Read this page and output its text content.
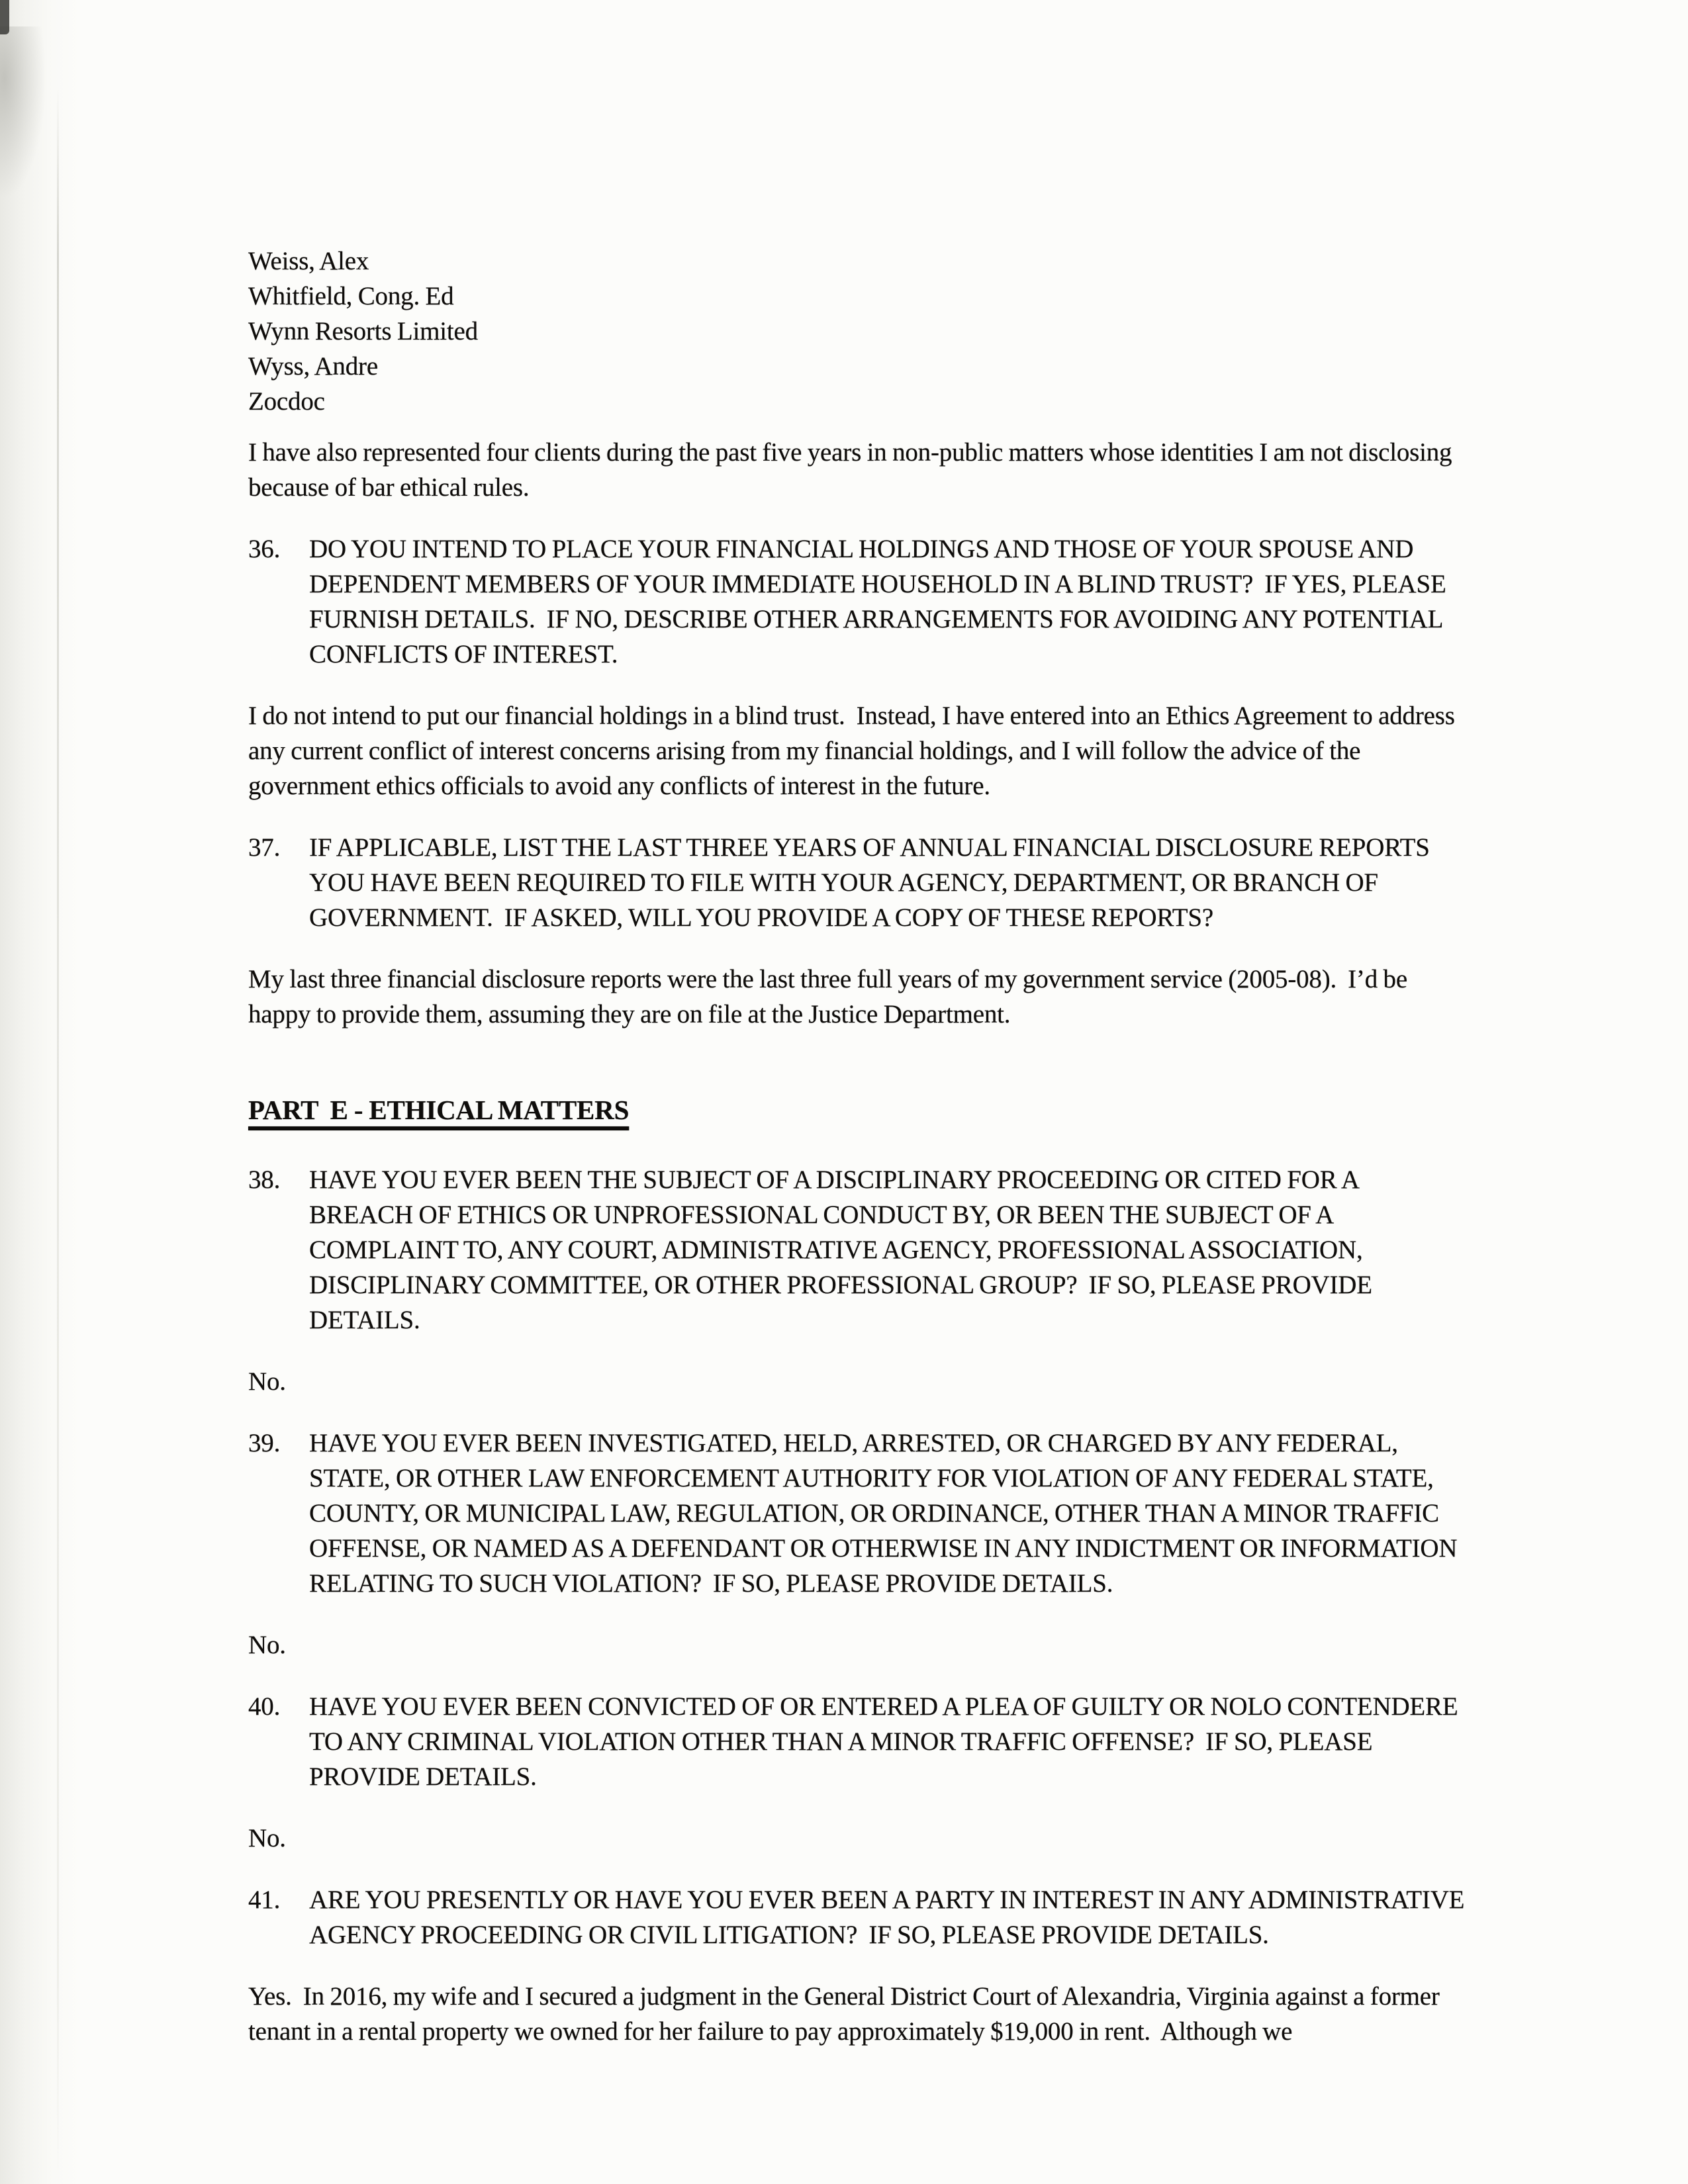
Weiss, Alex
Whitfield, Cong. Ed
Wynn Resorts Limited
Wyss, Andre
Zocdoc

I have also represented four clients during the past five years in non-public matters whose identities I am not disclosing because of bar ethical rules.

36.	DO YOU INTEND TO PLACE YOUR FINANCIAL HOLDINGS AND THOSE OF YOUR SPOUSE AND DEPENDENT MEMBERS OF YOUR IMMEDIATE HOUSEHOLD IN A BLIND TRUST?  IF YES, PLEASE FURNISH DETAILS.  IF NO, DESCRIBE OTHER ARRANGEMENTS FOR AVOIDING ANY POTENTIAL CONFLICTS OF INTEREST.

I do not intend to put our financial holdings in a blind trust.  Instead, I have entered into an Ethics Agreement to address any current conflict of interest concerns arising from my financial holdings, and I will follow the advice of the government ethics officials to avoid any conflicts of interest in the future.

37.	IF APPLICABLE, LIST THE LAST THREE YEARS OF ANNUAL FINANCIAL DISCLOSURE REPORTS YOU HAVE BEEN REQUIRED TO FILE WITH YOUR AGENCY, DEPARTMENT, OR BRANCH OF GOVERNMENT.  IF ASKED, WILL YOU PROVIDE A COPY OF THESE REPORTS?

My last three financial disclosure reports were the last three full years of my government service (2005-08).  I’d be happy to provide them, assuming they are on file at the Justice Department.

PART  E - ETHICAL MATTERS
38.	HAVE YOU EVER BEEN THE SUBJECT OF A DISCIPLINARY PROCEEDING OR CITED FOR A BREACH OF ETHICS OR UNPROFESSIONAL CONDUCT BY, OR BEEN THE SUBJECT OF A COMPLAINT TO, ANY COURT, ADMINISTRATIVE AGENCY, PROFESSIONAL ASSOCIATION, DISCIPLINARY COMMITTEE, OR OTHER PROFESSIONAL GROUP?  IF SO, PLEASE PROVIDE DETAILS.

No.

39.	HAVE YOU EVER BEEN INVESTIGATED, HELD, ARRESTED, OR CHARGED BY ANY FEDERAL, STATE, OR OTHER LAW ENFORCEMENT AUTHORITY FOR VIOLATION OF ANY FEDERAL STATE, COUNTY, OR MUNICIPAL LAW, REGULATION, OR ORDINANCE, OTHER THAN A MINOR TRAFFIC OFFENSE, OR NAMED AS A DEFENDANT OR OTHERWISE IN ANY INDICTMENT OR INFORMATION RELATING TO SUCH VIOLATION?  IF SO, PLEASE PROVIDE DETAILS.

No.

40.	HAVE YOU EVER BEEN CONVICTED OF OR ENTERED A PLEA OF GUILTY OR NOLO CONTENDERE TO ANY CRIMINAL VIOLATION OTHER THAN A MINOR TRAFFIC OFFENSE?  IF SO, PLEASE PROVIDE DETAILS.

No.

41.	ARE YOU PRESENTLY OR HAVE YOU EVER BEEN A PARTY IN INTEREST IN ANY ADMINISTRATIVE AGENCY PROCEEDING OR CIVIL LITIGATION?  IF SO, PLEASE PROVIDE DETAILS.

Yes.  In 2016, my wife and I secured a judgment in the General District Court of Alexandria, Virginia against a former tenant in a rental property we owned for her failure to pay approximately $19,000 in rent.  Although we
